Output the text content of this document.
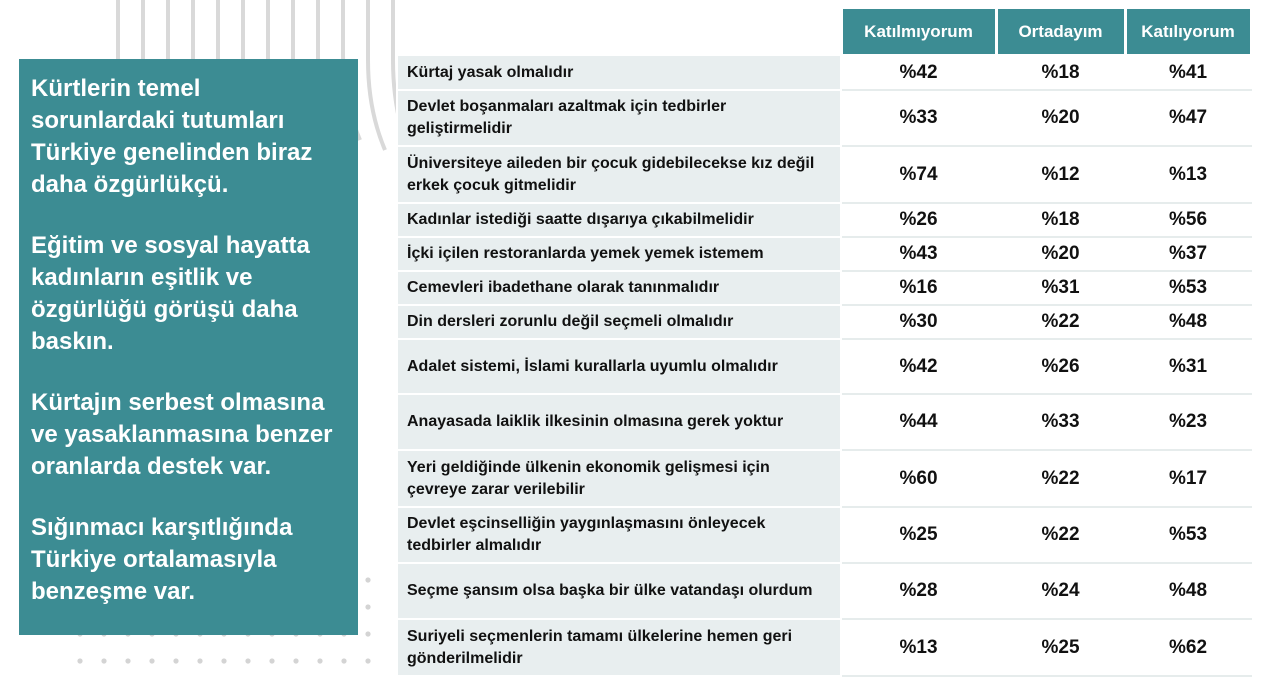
Kürtlerin temel sorunlardaki tutumları Türkiye genelinden biraz daha özgürlükçü.

Eğitim ve sosyal hayatta kadınların eşitlik ve özgürlüğü görüşü daha baskın.

Kürtajın serbest olmasına ve yasaklanmasına benzer oranlarda destek var.

Sığınmacı karşıtlığında Türkiye ortalamasıyla benzeşme var.

	Katılmıyorum	Ortadayım	Katılıyorum
Kürtaj yasak olmalıdır	%42	%18	%41
Devlet boşanmaları azaltmak için tedbirler geliştirmelidir	%33	%20	%47
Üniversiteye aileden bir çocuk gidebilecekse kız değil erkek çocuk gitmelidir	%74	%12	%13
Kadınlar istediği saatte dışarıya çıkabilmelidir	%26	%18	%56
İçki içilen restoranlarda yemek yemek istemem	%43	%20	%37
Cemevleri ibadethane olarak tanınmalıdır	%16	%31	%53
Din dersleri zorunlu değil seçmeli olmalıdır	%30	%22	%48
Adalet sistemi, İslami kurallarla uyumlu olmalıdır	%42	%26	%31
Anayasada laiklik ilkesinin olmasına gerek yoktur	%44	%33	%23
Yeri geldiğinde ülkenin ekonomik gelişmesi için çevreye zarar verilebilir	%60	%22	%17
Devlet eşcinselliğin yaygınlaşmasını önleyecek tedbirler almalıdır	%25	%22	%53
Seçme şansım olsa başka bir ülke vatandaşı olurdum	%28	%24	%48
Suriyeli seçmenlerin tamamı ülkelerine hemen geri gönderilmelidir	%13	%25	%62
